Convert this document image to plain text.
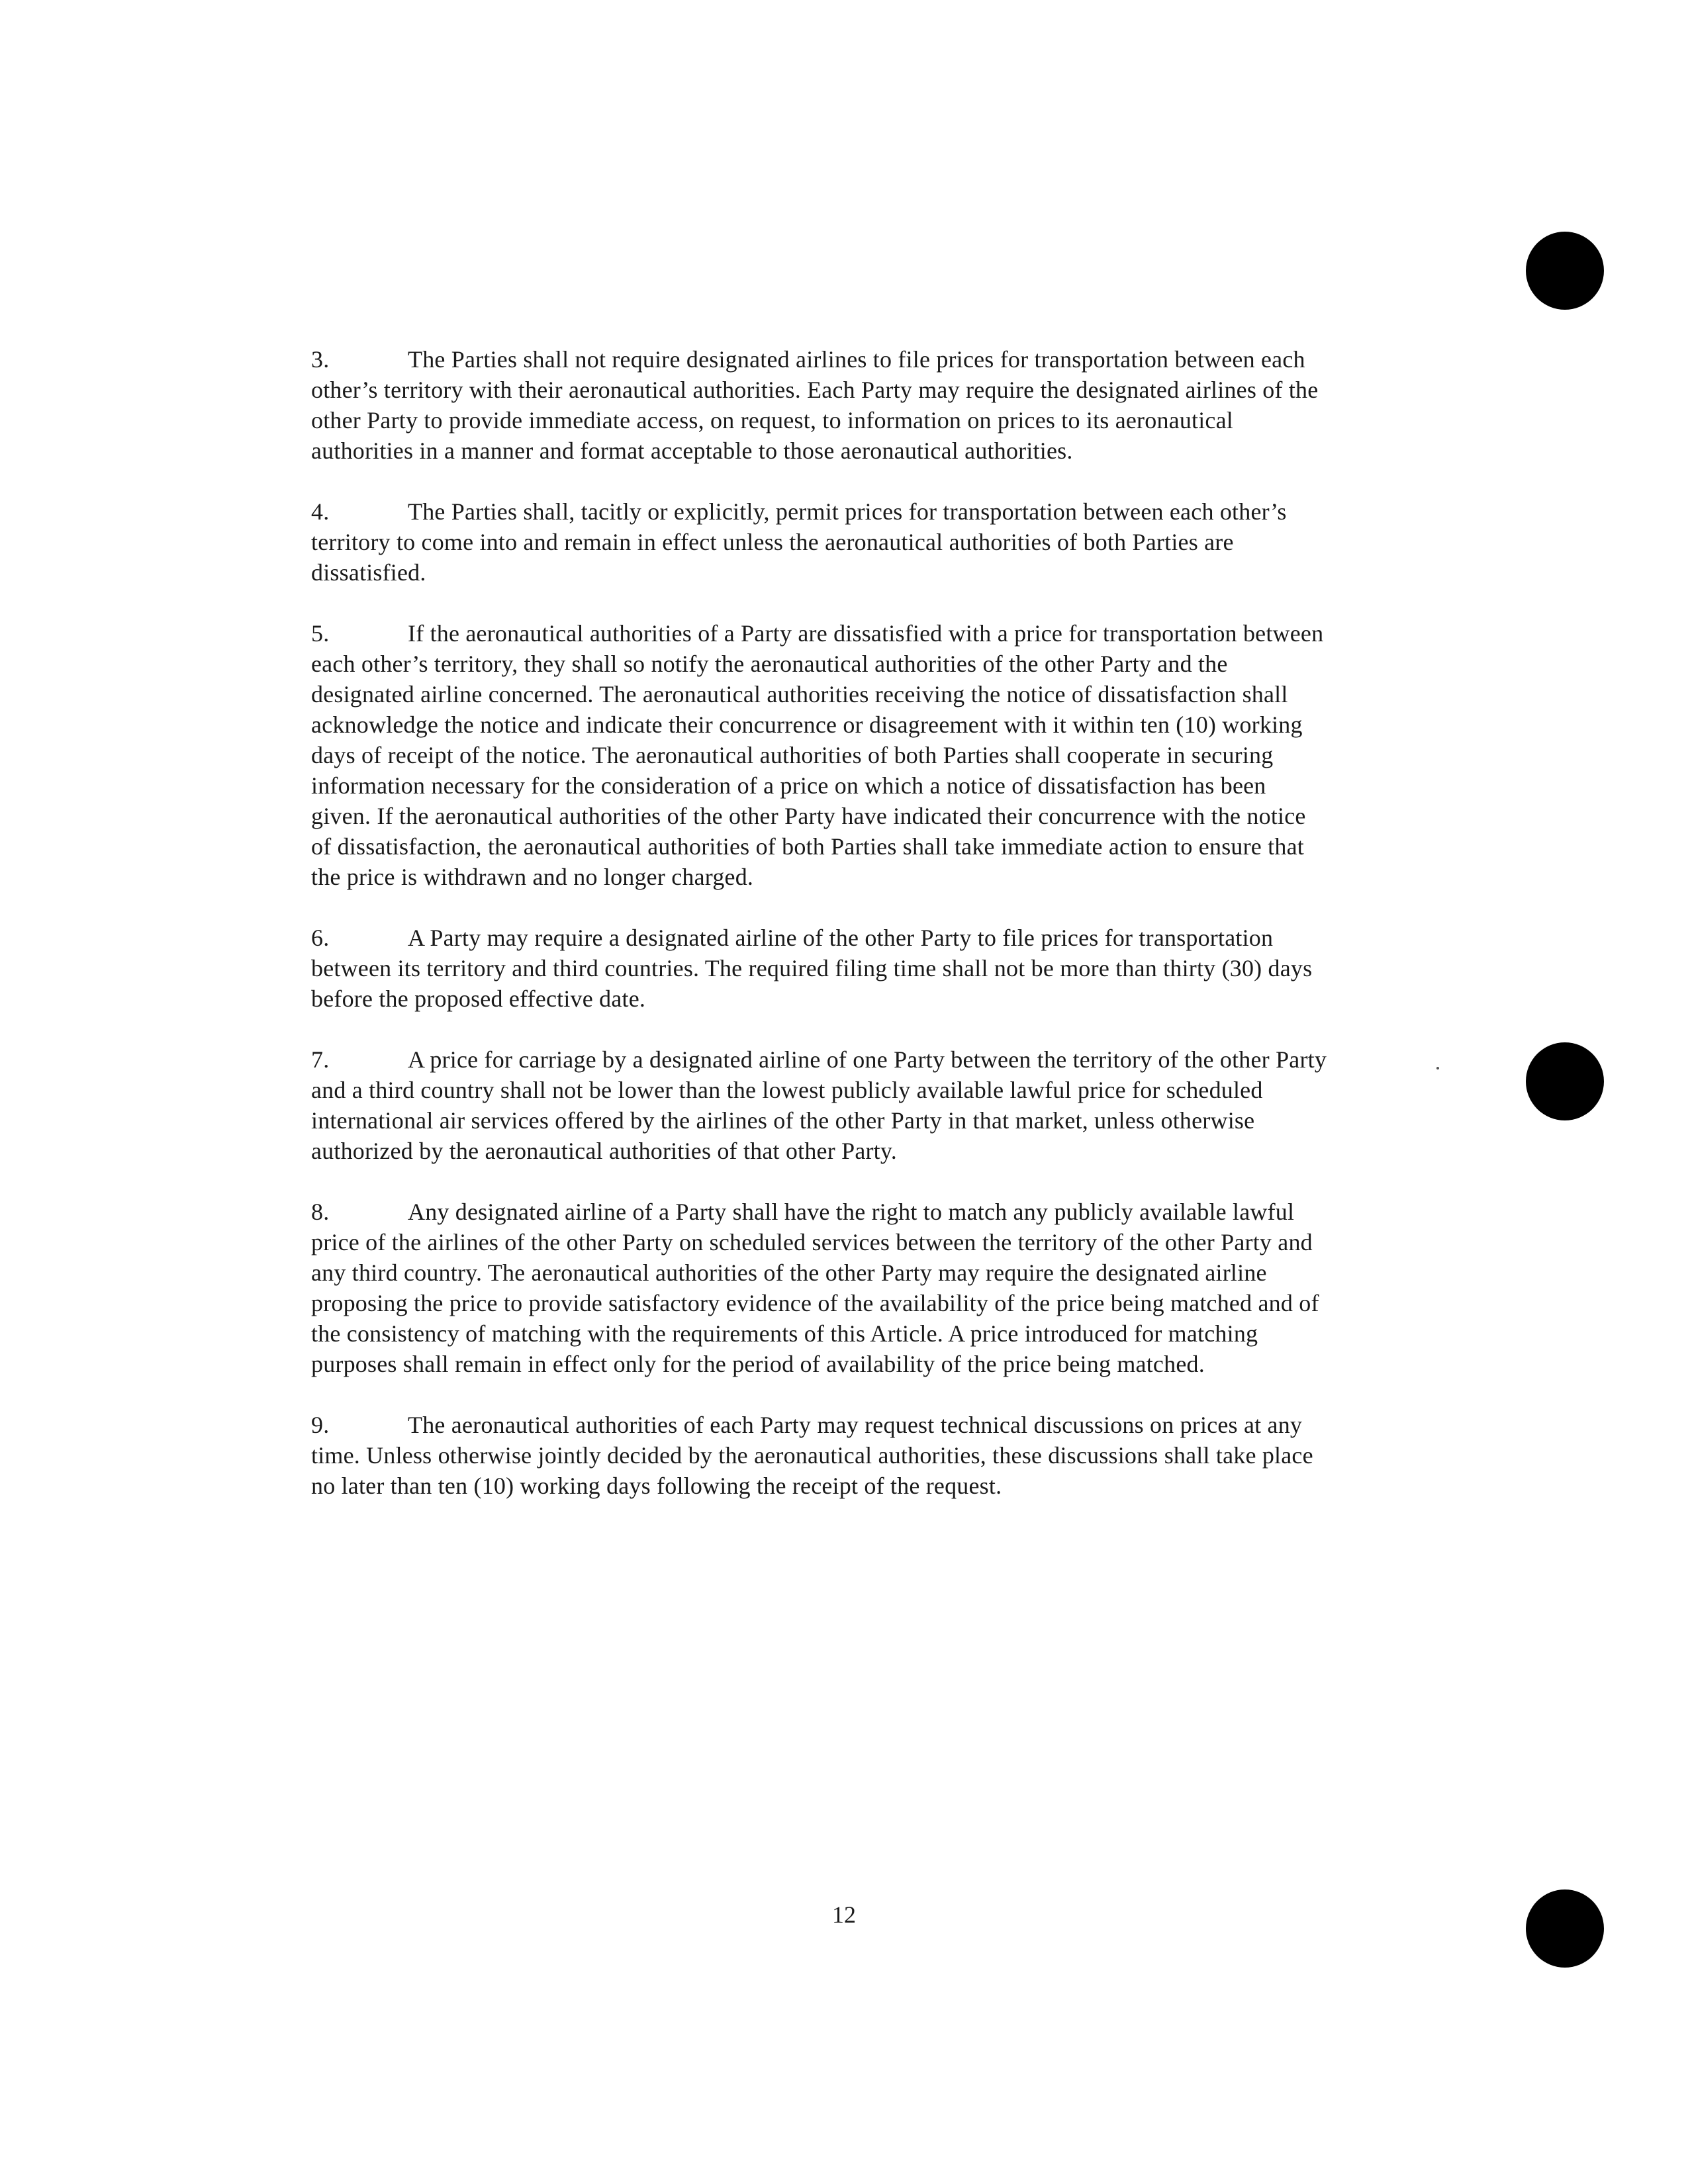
3.	The Parties shall not require designated airlines to file prices for transportation between each other’s territory with their aeronautical authorities. Each Party may require the designated airlines of the other Party to provide immediate access, on request, to information on prices to its aeronautical authorities in a manner and format acceptable to those aeronautical authorities.

4.	The Parties shall, tacitly or explicitly, permit prices for transportation between each other’s territory to come into and remain in effect unless the aeronautical authorities of both Parties are dissatisfied.

5.	If the aeronautical authorities of a Party are dissatisfied with a price for transportation between each other’s territory, they shall so notify the aeronautical authorities of the other Party and the designated airline concerned. The aeronautical authorities receiving the notice of dissatisfaction shall acknowledge the notice and indicate their concurrence or disagreement with it within ten (10) working days of receipt of the notice. The aeronautical authorities of both Parties shall cooperate in securing information necessary for the consideration of a price on which a notice of dissatisfaction has been given. If the aeronautical authorities of the other Party have indicated their concurrence with the notice of dissatisfaction, the aeronautical authorities of both Parties shall take immediate action to ensure that the price is withdrawn and no longer charged.

6.	A Party may require a designated airline of the other Party to file prices for transportation between its territory and third countries. The required filing time shall not be more than thirty (30) days before the proposed effective date.

7.	A price for carriage by a designated airline of one Party between the territory of the other Party and a third country shall not be lower than the lowest publicly available lawful price for scheduled international air services offered by the airlines of the other Party in that market, unless otherwise authorized by the aeronautical authorities of that other Party.

8.	Any designated airline of a Party shall have the right to match any publicly available lawful price of the airlines of the other Party on scheduled services between the territory of the other Party and any third country. The aeronautical authorities of the other Party may require the designated airline proposing the price to provide satisfactory evidence of the availability of the price being matched and of the consistency of matching with the requirements of this Article. A price introduced for matching purposes shall remain in effect only for the period of availability of the price being matched.

9.	The aeronautical authorities of each Party may request technical discussions on prices at any time. Unless otherwise jointly decided by the aeronautical authorities, these discussions shall take place no later than ten (10) working days following the receipt of the request.

12
